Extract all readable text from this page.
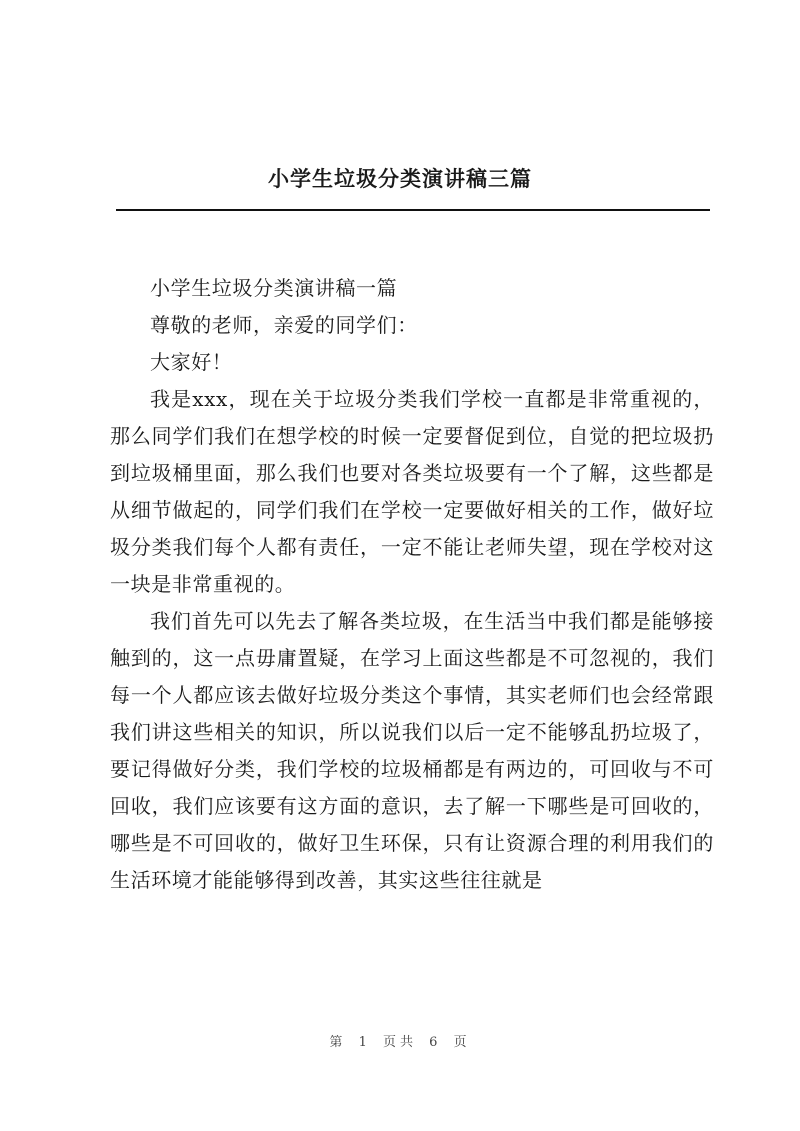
小学生垃圾分类演讲稿三篇

小学生垃圾分类演讲稿一篇

尊敬的老师，亲爱的同学们：

大家好！

我是xxx，现在关于垃圾分类我们学校一直都是非常重视的，那么同学们我们在想学校的时候一定要督促到位，自觉的把垃圾扔到垃圾桶里面，那么我们也要对各类垃圾要有一个了解，这些都是从细节做起的，同学们我们在学校一定要做好相关的工作，做好垃圾分类我们每个人都有责任，一定不能让老师失望，现在学校对这一块是非常重视的。

我们首先可以先去了解各类垃圾，在生活当中我们都是能够接触到的，这一点毋庸置疑，在学习上面这些都是不可忽视的，我们每一个人都应该去做好垃圾分类这个事情，其实老师们也会经常跟我们讲这些相关的知识，所以说我们以后一定不能够乱扔垃圾了，要记得做好分类，我们学校的垃圾桶都是有两边的，可回收与不可回收，我们应该要有这方面的意识，去了解一下哪些是可回收的，哪些是不可回收的，做好卫生环保，只有让资源合理的利用我们的生活环境才能能够得到改善，其实这些往往就是

第 1 页共 6 页
